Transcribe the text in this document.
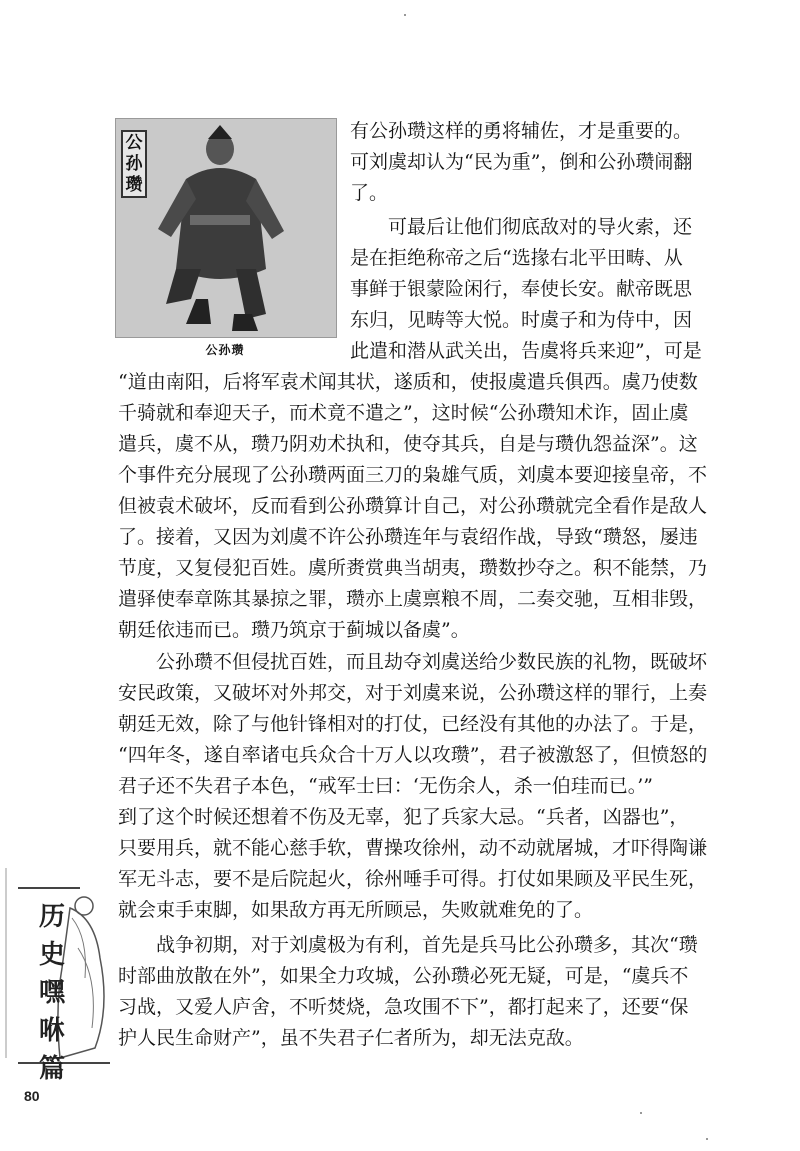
公孙瓒
公孙瓒
有公孙瓒这样的勇将辅佐，才是重要的。
可刘虞却认为“民为重”，倒和公孙瓒闹翻
了。
　　可最后让他们彻底敌对的导火索，还
是在拒绝称帝之后“选掾右北平田畴、从
事鲜于银蒙险闲行，奉使长安。献帝既思
东归，见畴等大悦。时虞子和为侍中，因
此遣和潜从武关出，告虞将兵来迎”，可是
“道由南阳，后将军袁术闻其状，遂质和，使报虞遣兵俱西。虞乃使数
千骑就和奉迎天子，而术竟不遣之”，这时候“公孙瓒知术诈，固止虞
遣兵，虞不从，瓒乃阴劝术执和，使夺其兵，自是与瓒仇怨益深”。这
个事件充分展现了公孙瓒两面三刀的枭雄气质，刘虞本要迎接皇帝，不
但被袁术破坏，反而看到公孙瓒算计自己，对公孙瓒就完全看作是敌人
了。接着，又因为刘虞不许公孙瓒连年与袁绍作战，导致“瓒怒，屡违
节度，又复侵犯百姓。虞所赉赏典当胡夷，瓒数抄夺之。积不能禁，乃
遣驿使奉章陈其暴掠之罪，瓒亦上虞禀粮不周，二奏交驰，互相非毁，
朝廷依违而已。瓒乃筑京于蓟城以备虞”。
　　公孙瓒不但侵扰百姓，而且劫夺刘虞送给少数民族的礼物，既破坏
安民政策，又破坏对外邦交，对于刘虞来说，公孙瓒这样的罪行，上奏
朝廷无效，除了与他针锋相对的打仗，已经没有其他的办法了。于是，
“四年冬，遂自率诸屯兵众合十万人以攻瓒”，君子被激怒了，但愤怒的
君子还不失君子本色，“戒军士曰：‘无伤余人，杀一伯珪而已。’”
到了这个时候还想着不伤及无辜，犯了兵家大忌。“兵者，凶器也”，
只要用兵，就不能心慈手软，曹操攻徐州，动不动就屠城，才吓得陶谦
军无斗志，要不是后院起火，徐州唾手可得。打仗如果顾及平民生死，
就会束手束脚，如果敌方再无所顾忌，失败就难免的了。
　　战争初期，对于刘虞极为有利，首先是兵马比公孙瓒多，其次“瓒
时部曲放散在外”，如果全力攻城，公孙瓒必死无疑，可是，“虞兵不
习战，又爱人庐舍，不听焚烧，急攻围不下”，都打起来了，还要“保
护人民生命财产”，虽不失君子仁者所为，却无法克敌。
历
史
嘿
咻
篇
80
